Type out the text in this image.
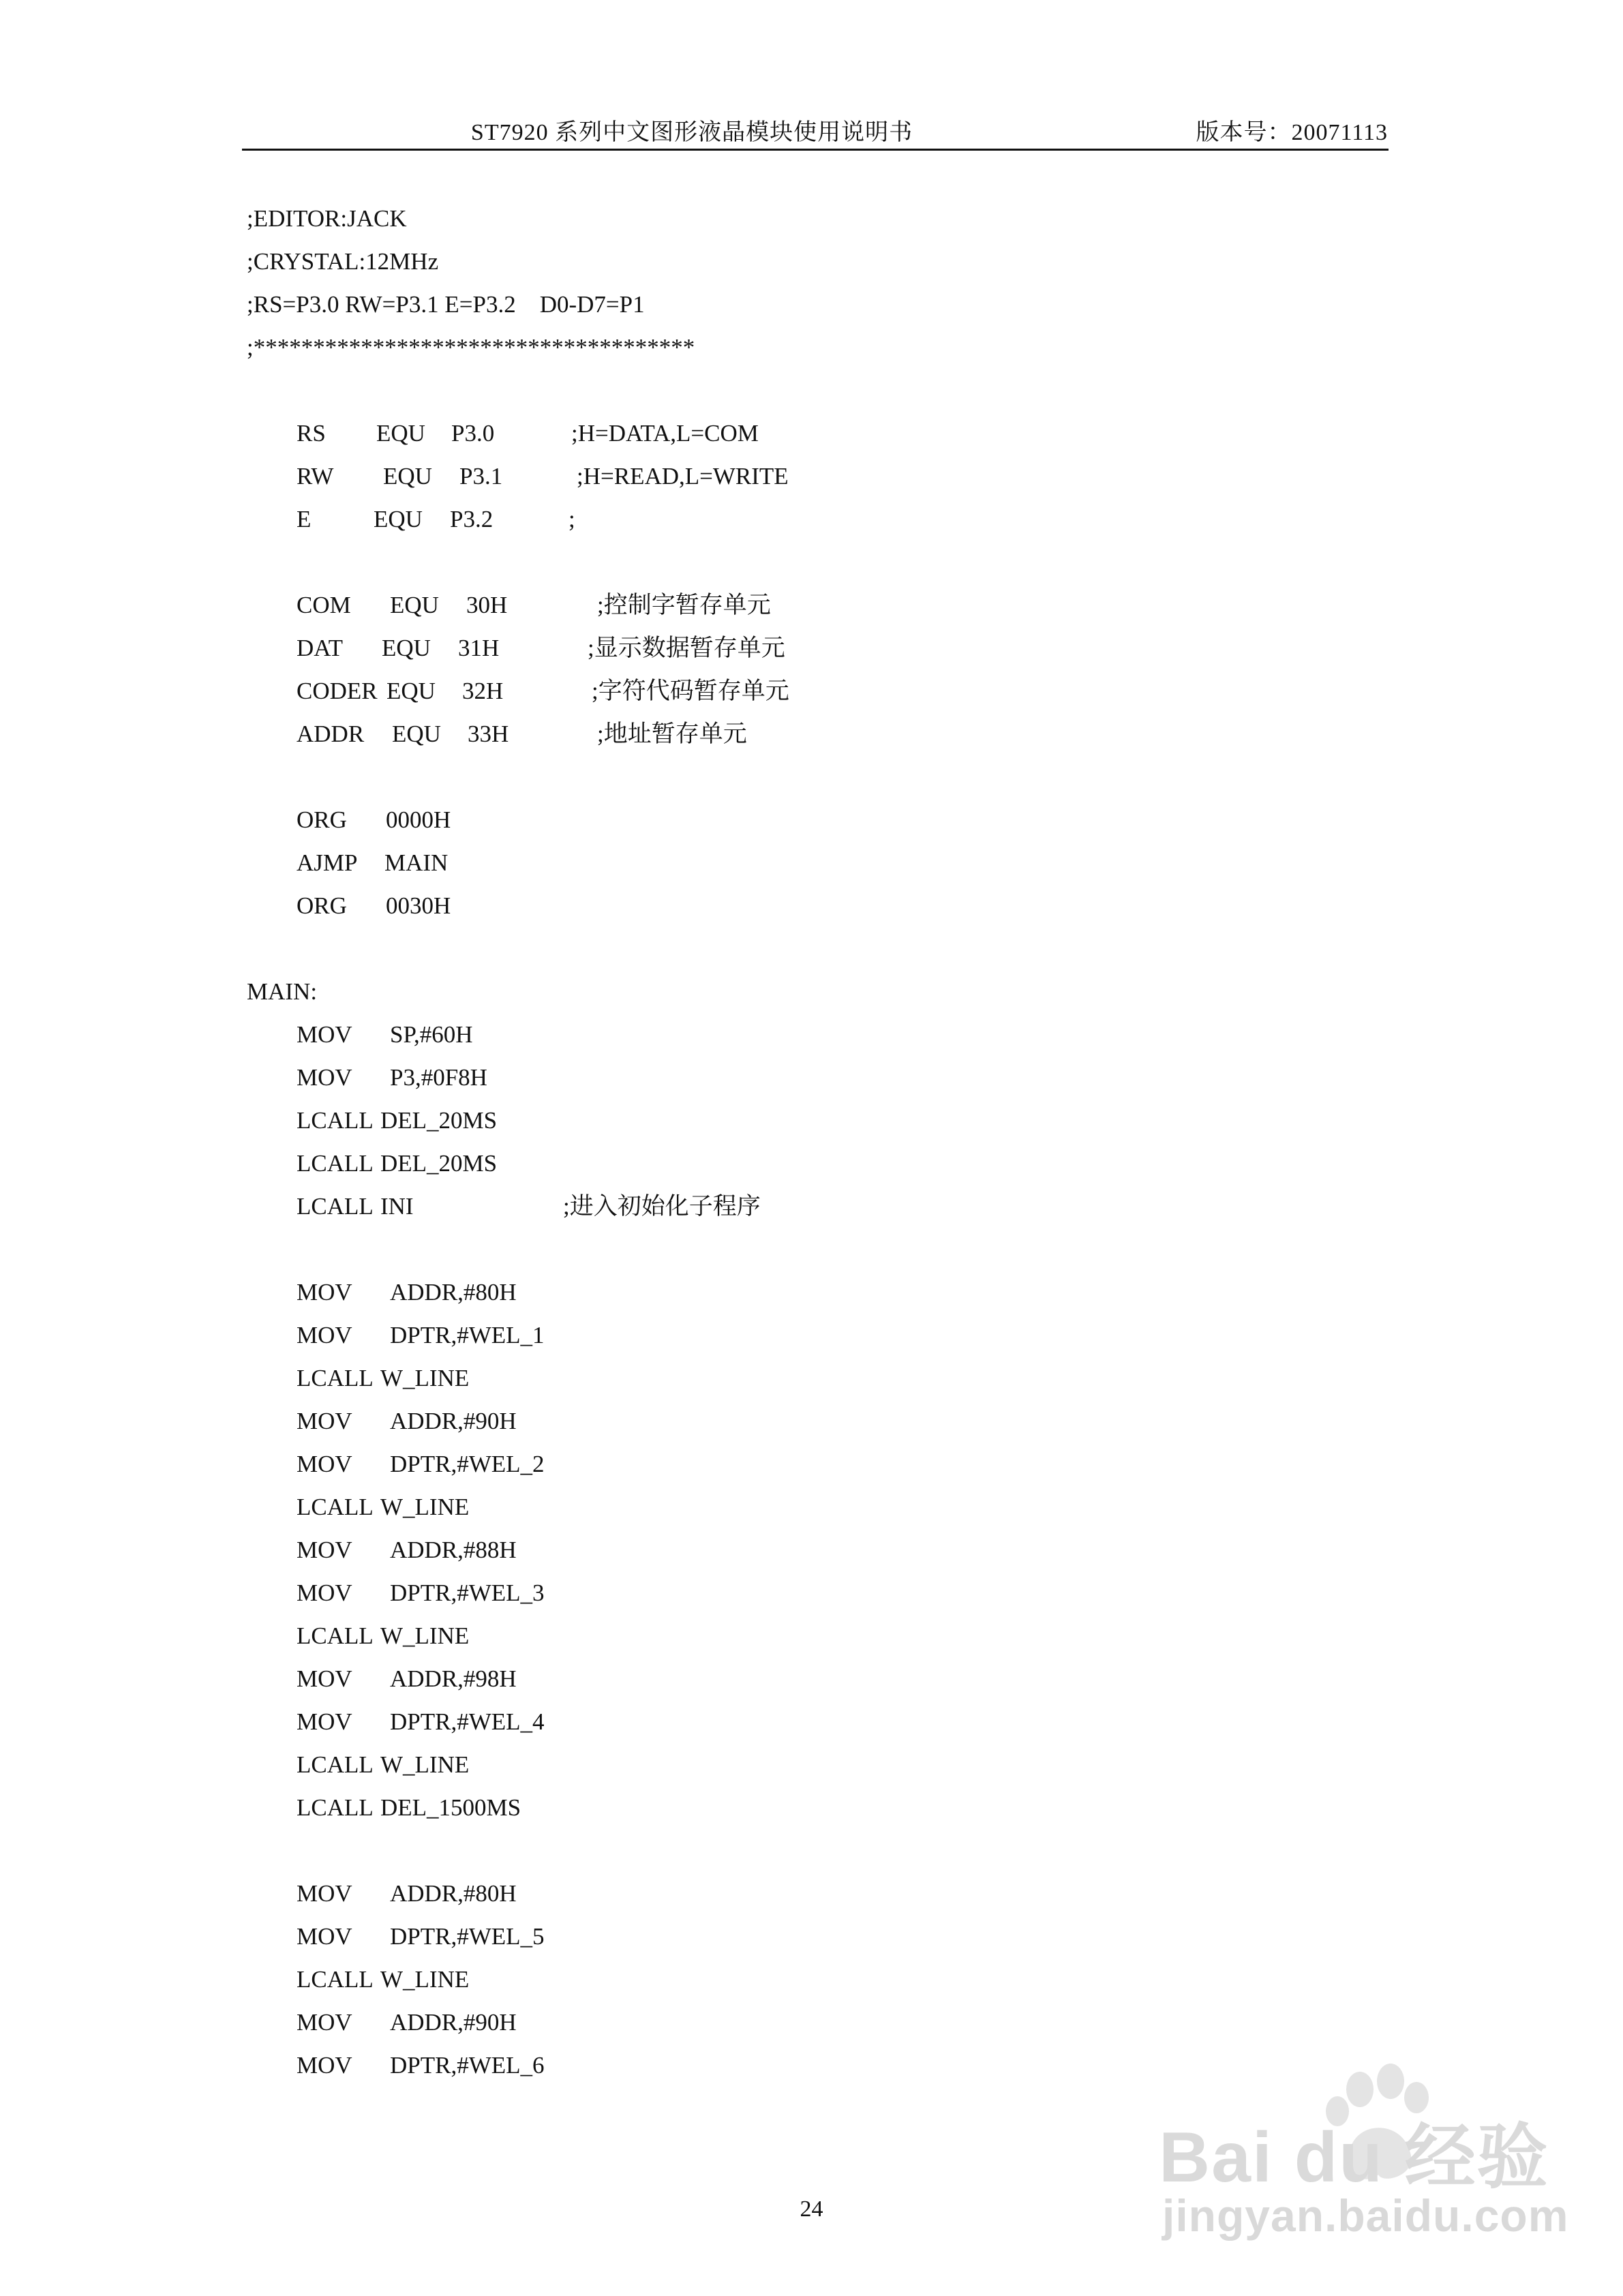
ST7920 系列中文图形液晶模块使用说明书	版本号：20071113
;EDITOR:JACK
;CRYSTAL:12MHz
;RS=P3.0 RW=P3.1 E=P3.2    D0-D7=P1
;*************************************
RS EQU P3.0	;H=DATA,L=COM
RW EQU P3.1	;H=READ,L=WRITE
E	EQU P3.2	;
COM EQU 30H	;控制字暂存单元
DAT EQU 31H	;显示数据暂存单元
CODER EQU 32H	;字符代码暂存单元
ADDR EQU 33H	;地址暂存单元
ORG 0000H
AJMP MAIN
ORG 0030H
MAIN:
MOV SP,#60H
MOV P3,#0F8H
LCALL DEL_20MS
LCALL DEL_20MS
LCALL INI	;进入初始化子程序
MOV ADDR,#80H
MOV DPTR,#WEL_1
LCALL W_LINE
MOV ADDR,#90H
MOV DPTR,#WEL_2
LCALL W_LINE
MOV ADDR,#88H
MOV DPTR,#WEL_3
LCALL W_LINE
MOV ADDR,#98H
MOV DPTR,#WEL_4
LCALL W_LINE
LCALL DEL_1500MS
MOV ADDR,#80H
MOV DPTR,#WEL_5
LCALL W_LINE
MOV ADDR,#90H
MOV DPTR,#WEL_6
24
Bai du 经验
jingyan.baidu.com
